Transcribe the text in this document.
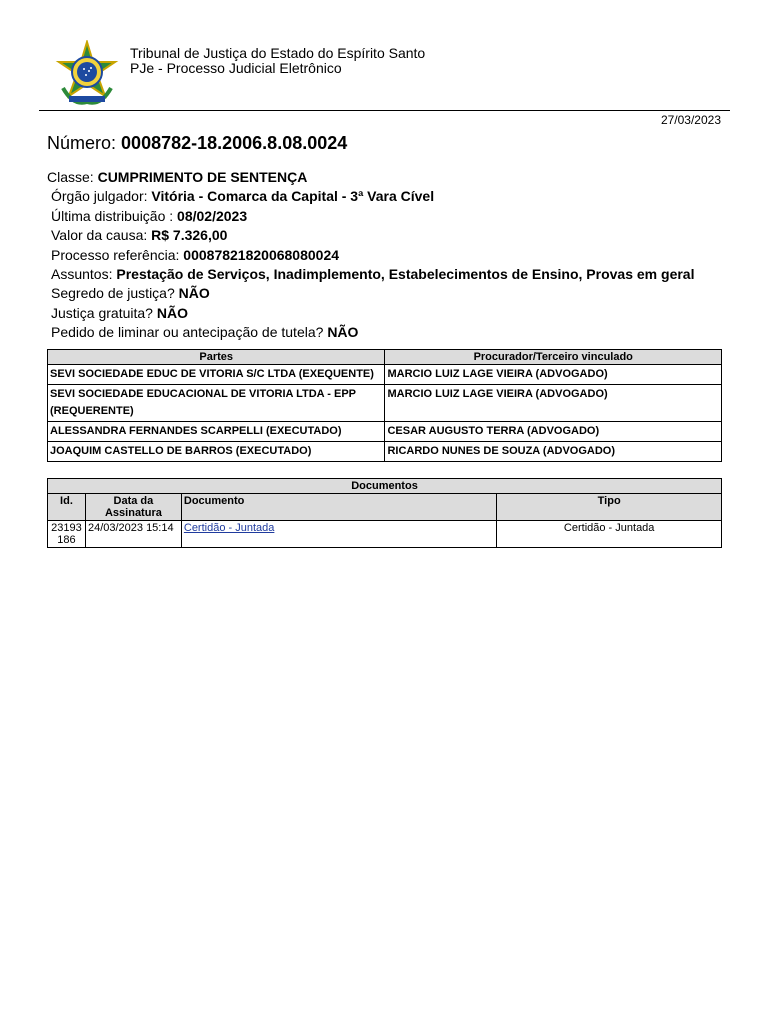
Tribunal de Justiça do Estado do Espírito Santo
PJe - Processo Judicial Eletrônico
27/03/2023
Número: 0008782-18.2006.8.08.0024
Classe: CUMPRIMENTO DE SENTENÇA
Órgão julgador: Vitória - Comarca da Capital - 3ª Vara Cível
Última distribuição : 08/02/2023
Valor da causa: R$ 7.326,00
Processo referência: 00087821820068080024
Assuntos: Prestação de Serviços, Inadimplemento, Estabelecimentos de Ensino, Provas em geral
Segredo de justiça? NÃO
Justiça gratuita? NÃO
Pedido de liminar ou antecipação de tutela? NÃO
Partes	Procurador/Terceiro vinculado
SEVI SOCIEDADE EDUC DE VITORIA S/C LTDA (EXEQUENTE)	MARCIO LUIZ LAGE VIEIRA (ADVOGADO)
SEVI SOCIEDADE EDUCACIONAL DE VITORIA LTDA - EPP (REQUERENTE)	MARCIO LUIZ LAGE VIEIRA (ADVOGADO)
ALESSANDRA FERNANDES SCARPELLI (EXECUTADO)	CESAR AUGUSTO TERRA (ADVOGADO)
JOAQUIM CASTELLO DE BARROS (EXECUTADO)	RICARDO NUNES DE SOUZA (ADVOGADO)
Documentos			
Id.	Data da Assinatura	Documento	Tipo
23193186	24/03/2023 15:14	Certidão - Juntada	Certidão - Juntada
